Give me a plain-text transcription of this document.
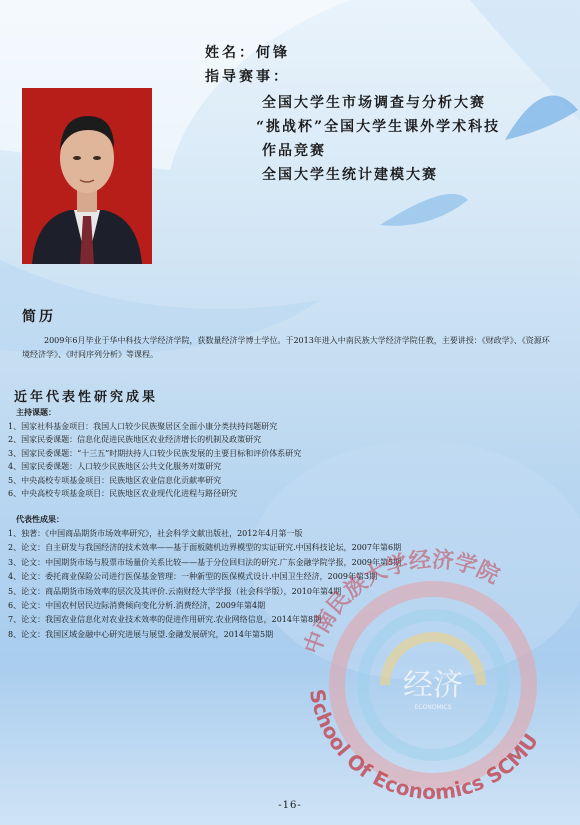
姓名：何锋
指导赛事：
全国大学生市场调查与分析大赛
“挑战杯”全国大学生课外学术科技
作品竞赛
全国大学生统计建模大赛
简历
2009年6月毕业于华中科技大学经济学院，获数量经济学博士学位。于2013年进入中南民族大学经济学院任教，主要讲授：《财政学》、《资源环境经济学》、《时间序列分析》等课程。
近年代表性研究成果
主持课题：
1、国家社科基金项目：我国人口较少民族聚居区全面小康分类扶持问题研究
2、国家民委课题：信息化促进民族地区农业经济增长的机制及政策研究
3、国家民委课题：“十三五”时期扶持人口较少民族发展的主要目标和评价体系研究
4、国家民委课题：人口较少民族地区公共文化服务对策研究
5、中央高校专项基金项目：民族地区农业信息化贡献率研究
6、中央高校专项基金项目：民族地区农业现代化进程与路径研究
代表性成果：
1、独著：《中国商品期货市场效率研究》，社会科学文献出版社，2012年4月第一版
2、论文：自主研发与我国经济的技术效率——基于面板随机边界模型的实证研究.中国科技论坛，2007年第6期
3、论文：中国期货市场与股票市场量价关系比较——基于分位回归法的研究.广东金融学院学报，2009年第5期
4、论文：委托商业保险公司进行医保基金管理：一种新型的医保模式设计.中国卫生经济，2009年第3期
5、论文：商品期货市场效率的层次及其评价.云南财经大学学报（社会科学版），2010年第4期
6、论文：中国农村居民边际消费倾向变化分析.消费经济，2009年第4期
7、论文：我国农业信息化对农业技术效率的促进作用研究.农业网络信息，2014年第8期
8、论文：我国区域金融中心研究进展与展望.金融发展研究，2014年第5期	中南民族大学经济学院
经济
ECONOMICS
School Of Economics SCMU
-16-
